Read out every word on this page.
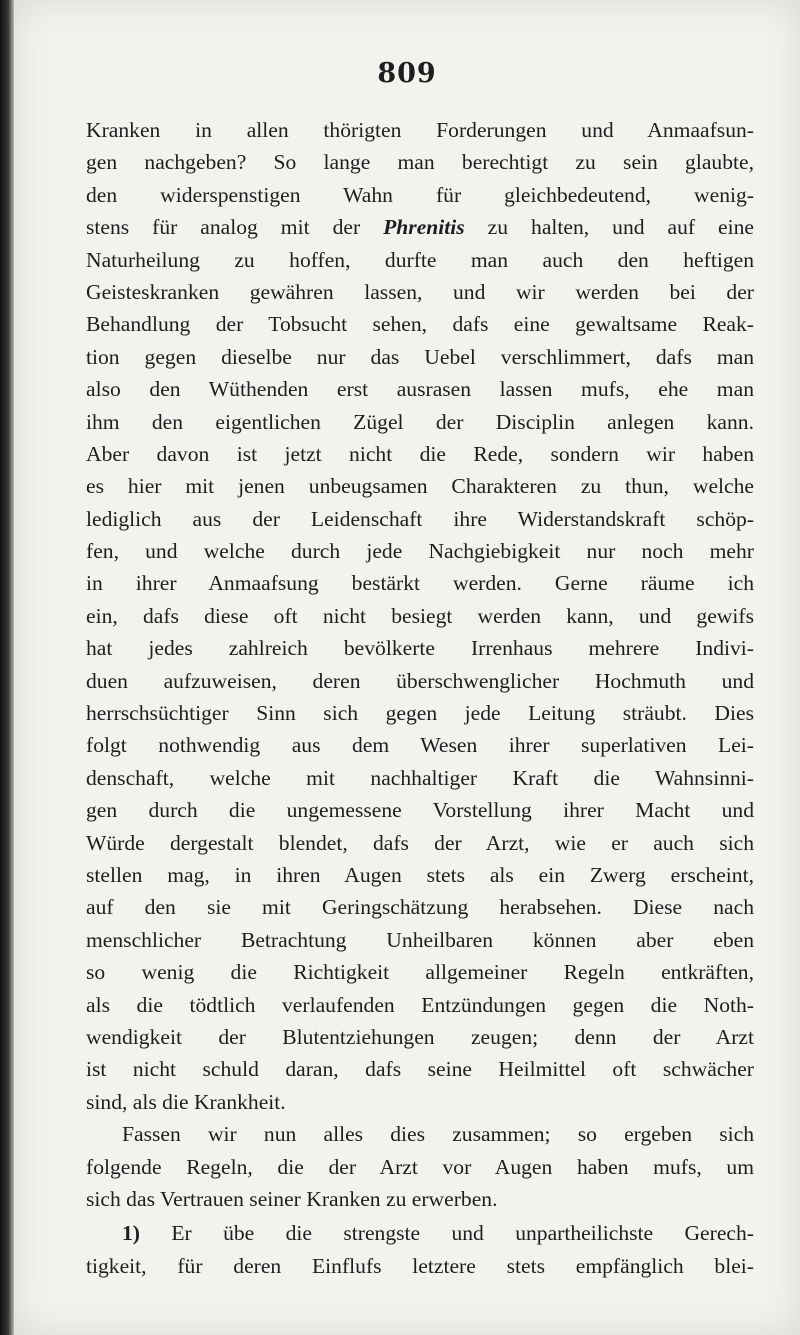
809
Kranken in allen thörigten Forderungen und Anmaafsun-
gen nachgeben? So lange man berechtigt zu sein glaubte,
den widerspenstigen Wahn für gleichbedeutend, wenig-
stens für analog mit der Phrenitis zu halten, und auf eine
Naturheilung zu hoffen, durfte man auch den heftigen
Geisteskranken gewähren lassen, und wir werden bei der
Behandlung der Tobsucht sehen, dafs eine gewaltsame Reak-
tion gegen dieselbe nur das Uebel verschlimmert, dafs man
also den Wüthenden erst ausrasen lassen mufs, ehe man
ihm den eigentlichen Zügel der Disciplin anlegen kann.
Aber davon ist jetzt nicht die Rede, sondern wir haben
es hier mit jenen unbeugsamen Charakteren zu thun, welche
lediglich aus der Leidenschaft ihre Widerstandskraft schöp-
fen, und welche durch jede Nachgiebigkeit nur noch mehr
in ihrer Anmaafsung bestärkt werden. Gerne räume ich
ein, dafs diese oft nicht besiegt werden kann, und gewifs
hat jedes zahlreich bevölkerte Irrenhaus mehrere Indivi-
duen aufzuweisen, deren überschwenglicher Hochmuth und
herrschsüchtiger Sinn sich gegen jede Leitung sträubt. Dies
folgt nothwendig aus dem Wesen ihrer superlativen Lei-
denschaft, welche mit nachhaltiger Kraft die Wahnsinni-
gen durch die ungemessene Vorstellung ihrer Macht und
Würde dergestalt blendet, dafs der Arzt, wie er auch sich
stellen mag, in ihren Augen stets als ein Zwerg erscheint,
auf den sie mit Geringschätzung herabsehen. Diese nach
menschlicher Betrachtung Unheilbaren können aber eben
so wenig die Richtigkeit allgemeiner Regeln entkräften,
als die tödtlich verlaufenden Entzündungen gegen die Noth-
wendigkeit der Blutentziehungen zeugen; denn der Arzt
ist nicht schuld daran, dafs seine Heilmittel oft schwächer
sind, als die Krankheit.
Fassen wir nun alles dies zusammen; so ergeben sich
folgende Regeln, die der Arzt vor Augen haben mufs, um
sich das Vertrauen seiner Kranken zu erwerben.
1) Er übe die strengste und unpartheilichste Gerech-
tigkeit, für deren Einflufs letztere stets empfänglich blei-
